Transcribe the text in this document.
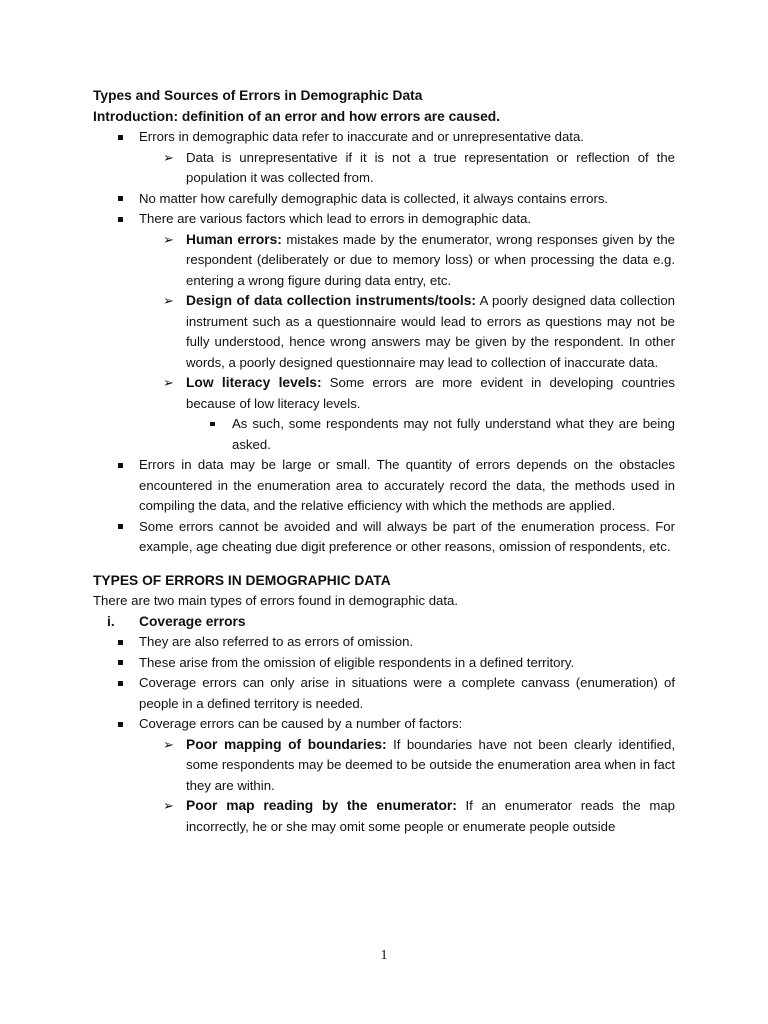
Types and Sources of Errors in Demographic Data
Introduction: definition of an error and how errors are caused.
Errors in demographic data refer to inaccurate and or unrepresentative data.
➢ Data is unrepresentative if it is not a true representation or reflection of the population it was collected from.
No matter how carefully demographic data is collected, it always contains errors.
There are various factors which lead to errors in demographic data.
➢ Human errors: mistakes made by the enumerator, wrong responses given by the respondent (deliberately or due to memory loss) or when processing the data e.g. entering a wrong figure during data entry, etc.
➢ Design of data collection instruments/tools: A poorly designed data collection instrument such as a questionnaire would lead to errors as questions may not be fully understood, hence wrong answers may be given by the respondent. In other words, a poorly designed questionnaire may lead to collection of inaccurate data.
➢ Low literacy levels: Some errors are more evident in developing countries because of low literacy levels.
As such, some respondents may not fully understand what they are being asked.
Errors in data may be large or small. The quantity of errors depends on the obstacles encountered in the enumeration area to accurately record the data, the methods used in compiling the data, and the relative efficiency with which the methods are applied.
Some errors cannot be avoided and will always be part of the enumeration process. For example, age cheating due digit preference or other reasons, omission of respondents, etc.
TYPES OF ERRORS IN DEMOGRAPHIC DATA
There are two main types of errors found in demographic data.
i. Coverage errors
They are also referred to as errors of omission.
These arise from the omission of eligible respondents in a defined territory.
Coverage errors can only arise in situations were a complete canvass (enumeration) of people in a defined territory is needed.
Coverage errors can be caused by a number of factors:
➢ Poor mapping of boundaries: If boundaries have not been clearly identified, some respondents may be deemed to be outside the enumeration area when in fact they are within.
➢ Poor map reading by the enumerator: If an enumerator reads the map incorrectly, he or she may omit some people or enumerate people outside
1
